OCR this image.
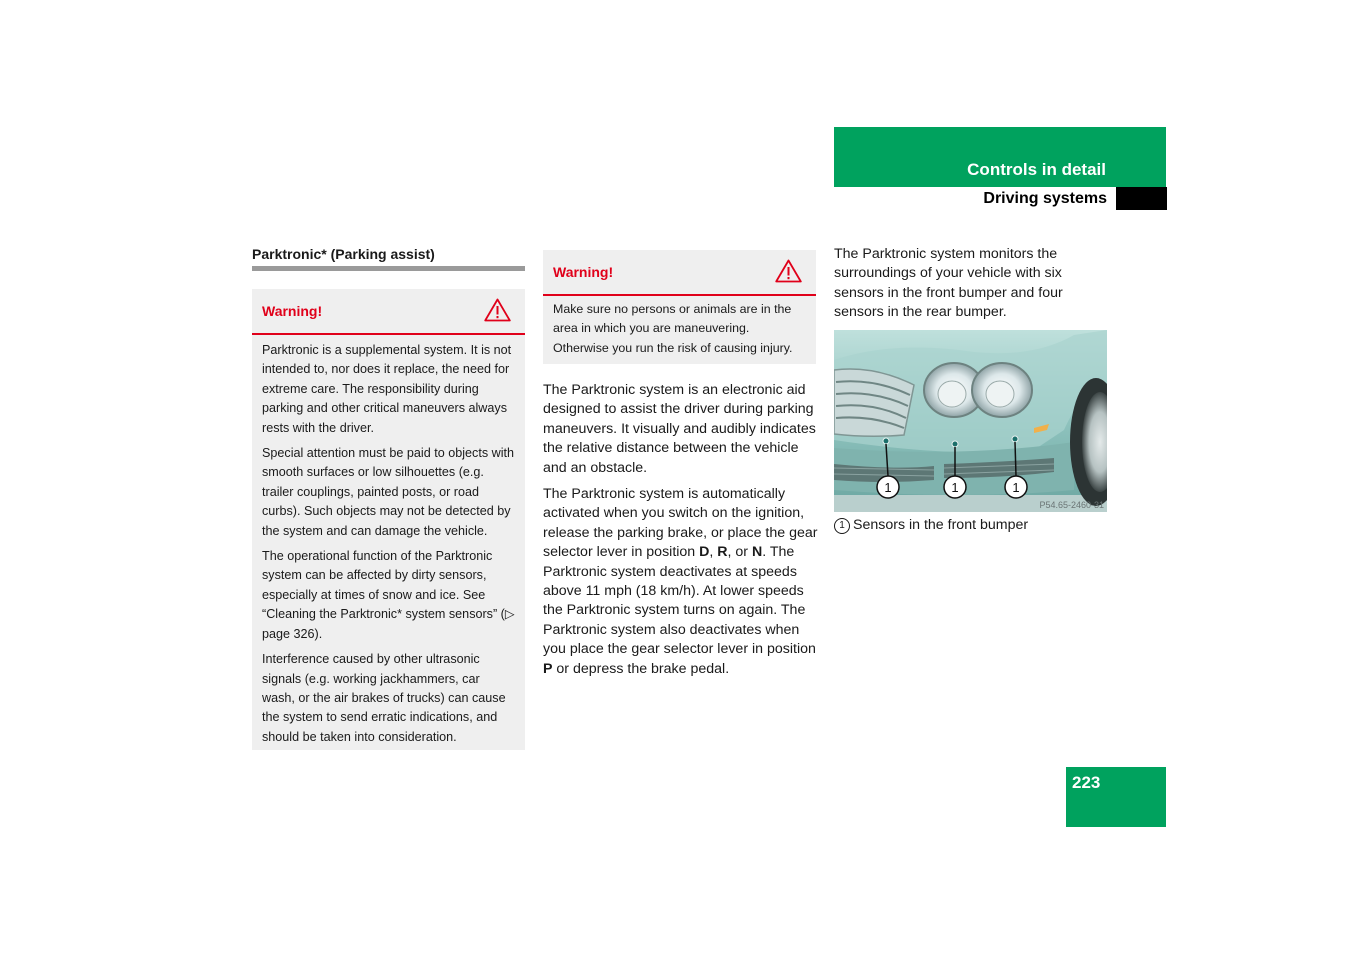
Controls in detail
Driving systems
Parktronic* (Parking assist)
Warning!

Parktronic is a supplemental system. It is not intended to, nor does it replace, the need for extreme care. The responsibility during parking and other critical maneuvers always rests with the driver.

Special attention must be paid to objects with smooth surfaces or low silhouettes (e.g. trailer couplings, painted posts, or road curbs). Such objects may not be detected by the system and can damage the vehicle.

The operational function of the Parktronic system can be affected by dirty sensors, especially at times of snow and ice. See “Cleaning the Parktronic* system sensors” (▷ page 326).

Interference caused by other ultrasonic signals (e.g. working jackhammers, car wash, or the air brakes of trucks) can cause the system to send erratic indications, and should be taken into consideration.

Warning!
Make sure no persons or animals are in the area in which you are maneuvering. Otherwise you run the risk of causing injury.

The Parktronic system is an electronic aid designed to assist the driver during parking maneuvers. It visually and audibly indicates the relative distance between the vehicle and an obstacle.

The Parktronic system is automatically activated when you switch on the ignition, release the parking brake, or place the gear selector lever in position D, R, or N. The Parktronic system deactivates at speeds above 11 mph (18 km/h). At lower speeds the Parktronic system turns on again. The Parktronic system also deactivates when you place the gear selector lever in position P or depress the brake pedal.

The Parktronic system monitors the surroundings of your vehicle with six sensors in the front bumper and four sensors in the rear bumper.

1	1	1
P54.65-2460-31
1 Sensors in the front bumper
223
